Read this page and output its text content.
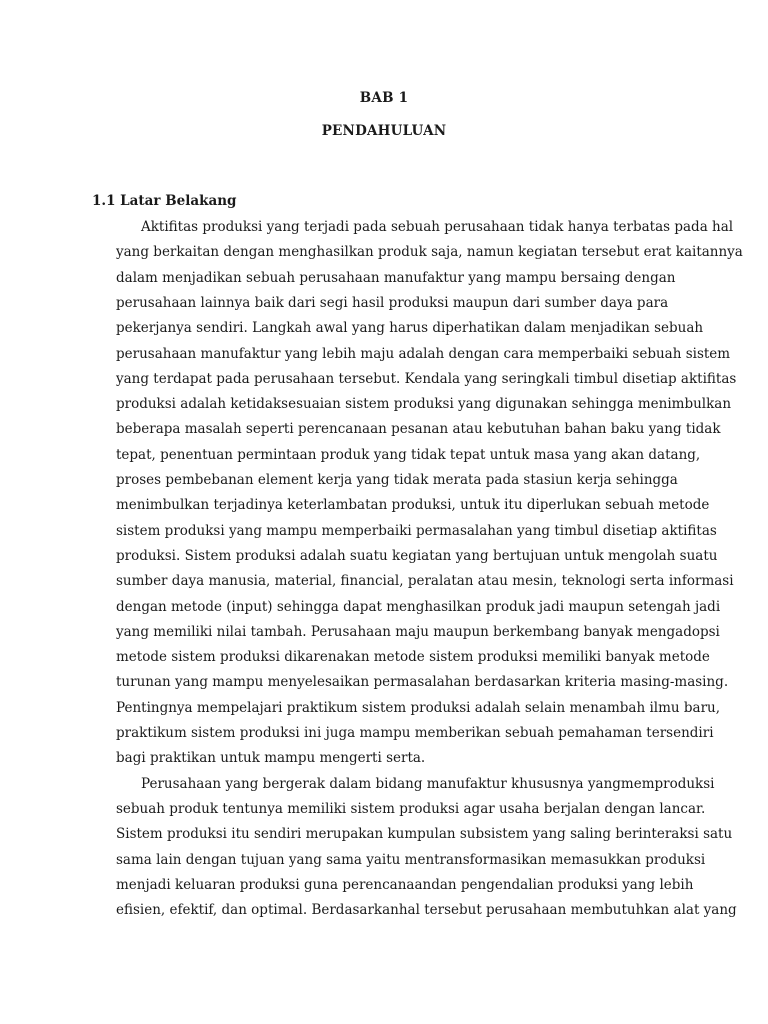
BAB 1
PENDAHULUAN
1.1 Latar Belakang
Aktifitas produksi yang terjadi pada sebuah perusahaan tidak hanya terbatas pada hal
yang berkaitan dengan menghasilkan produk saja, namun kegiatan tersebut erat kaitannya
dalam menjadikan sebuah perusahaan manufaktur yang mampu bersaing dengan
perusahaan lainnya baik dari segi hasil produksi maupun dari sumber daya para
pekerjanya sendiri. Langkah awal yang harus diperhatikan dalam menjadikan sebuah
perusahaan manufaktur yang lebih maju adalah dengan cara memperbaiki sebuah sistem
yang terdapat pada perusahaan tersebut. Kendala yang seringkali timbul disetiap aktifitas
produksi adalah ketidaksesuaian sistem produksi yang digunakan sehingga menimbulkan
beberapa masalah seperti perencanaan pesanan atau kebutuhan bahan baku yang tidak
tepat, penentuan permintaan produk yang tidak tepat untuk masa yang akan datang,
proses pembebanan element kerja yang tidak merata pada stasiun kerja sehingga
menimbulkan terjadinya keterlambatan produksi, untuk itu diperlukan sebuah metode
sistem produksi yang mampu memperbaiki permasalahan yang timbul disetiap aktifitas
produksi. Sistem produksi adalah suatu kegiatan yang bertujuan untuk mengolah suatu
sumber daya manusia, material, financial, peralatan atau mesin, teknologi serta informasi
dengan metode (input) sehingga dapat menghasilkan produk jadi maupun setengah jadi
yang memiliki nilai tambah. Perusahaan maju maupun berkembang banyak mengadopsi
metode sistem produksi dikarenakan metode sistem produksi memiliki banyak metode
turunan yang mampu menyelesaikan permasalahan berdasarkan kriteria masing-masing.
Pentingnya mempelajari praktikum sistem produksi adalah selain menambah ilmu baru,
praktikum sistem produksi ini juga mampu memberikan sebuah pemahaman tersendiri
bagi praktikan untuk mampu mengerti serta.
Perusahaan yang bergerak dalam bidang manufaktur khususnya yangmemproduksi
sebuah produk tentunya memiliki sistem produksi agar usaha berjalan dengan lancar.
Sistem produksi itu sendiri merupakan kumpulan subsistem yang saling berinteraksi satu
sama lain dengan tujuan yang sama yaitu mentransformasikan memasukkan produksi
menjadi keluaran produksi guna perencanaandan pengendalian produksi yang lebih
efisien, efektif, dan optimal. Berdasarkanhal tersebut perusahaan membutuhkan alat yang
